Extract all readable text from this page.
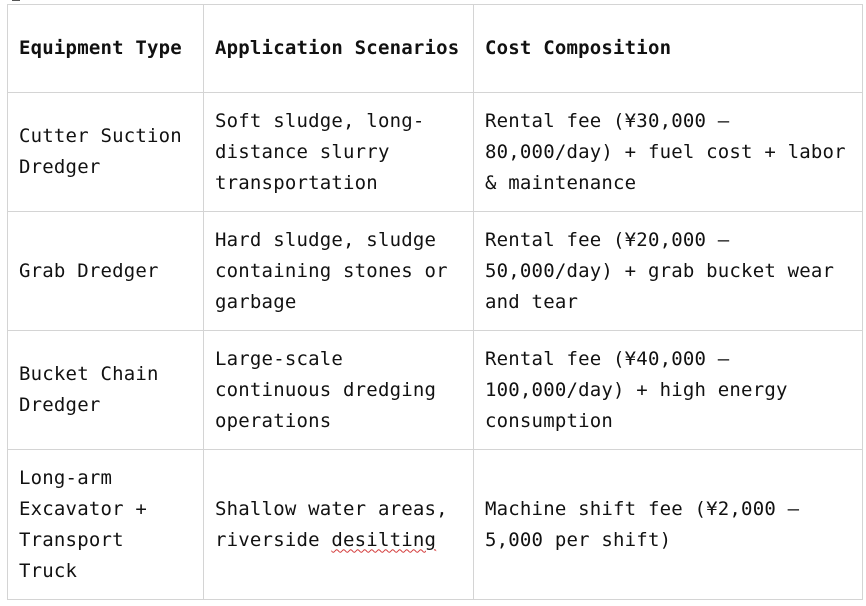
Equipment Type	Application Scenarios	Cost Composition

Cutter Suction Dredger	Soft sludge, long-distance slurry transportation	Rental fee (¥30,000 – 80,000/day) + fuel cost + labor & maintenance

Grab Dredger	Hard sludge, sludge containing stones or garbage	Rental fee (¥20,000 – 50,000/day) + grab bucket wear and tear

Bucket Chain Dredger	Large-scale continuous dredging operations	Rental fee (¥40,000 – 100,000/day) + high energy consumption

Long-arm Excavator + Transport Truck	Shallow water areas, riverside desilting	Machine shift fee (¥2,000 – 5,000 per shift)
